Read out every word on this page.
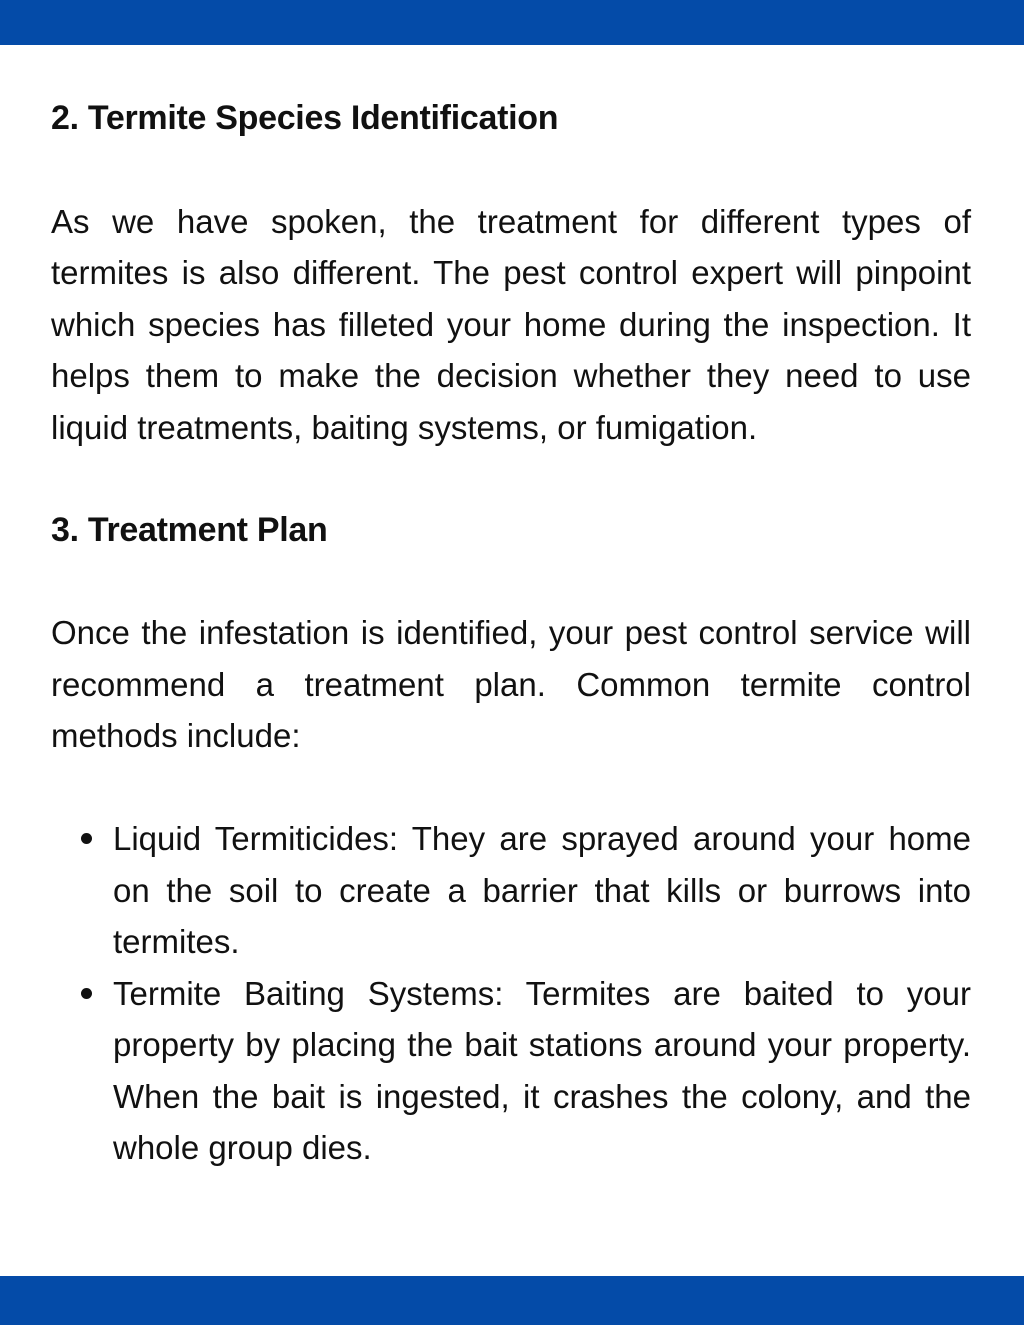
2. Termite Species Identification

As we have spoken, the treatment for different types of termites is also different. The pest control expert will pinpoint which species has filleted your home during the inspection. It helps them to make the decision whether they need to use liquid treatments, baiting systems, or fumigation.

3. Treatment Plan

Once the infestation is identified, your pest control service will recommend a treatment plan. Common termite control methods include:

Liquid Termiticides: They are sprayed around your home on the soil to create a barrier that kills or burrows into termites.
Termite Baiting Systems: Termites are baited to your property by placing the bait stations around your property. When the bait is ingested, it crashes the colony, and the whole group dies.
